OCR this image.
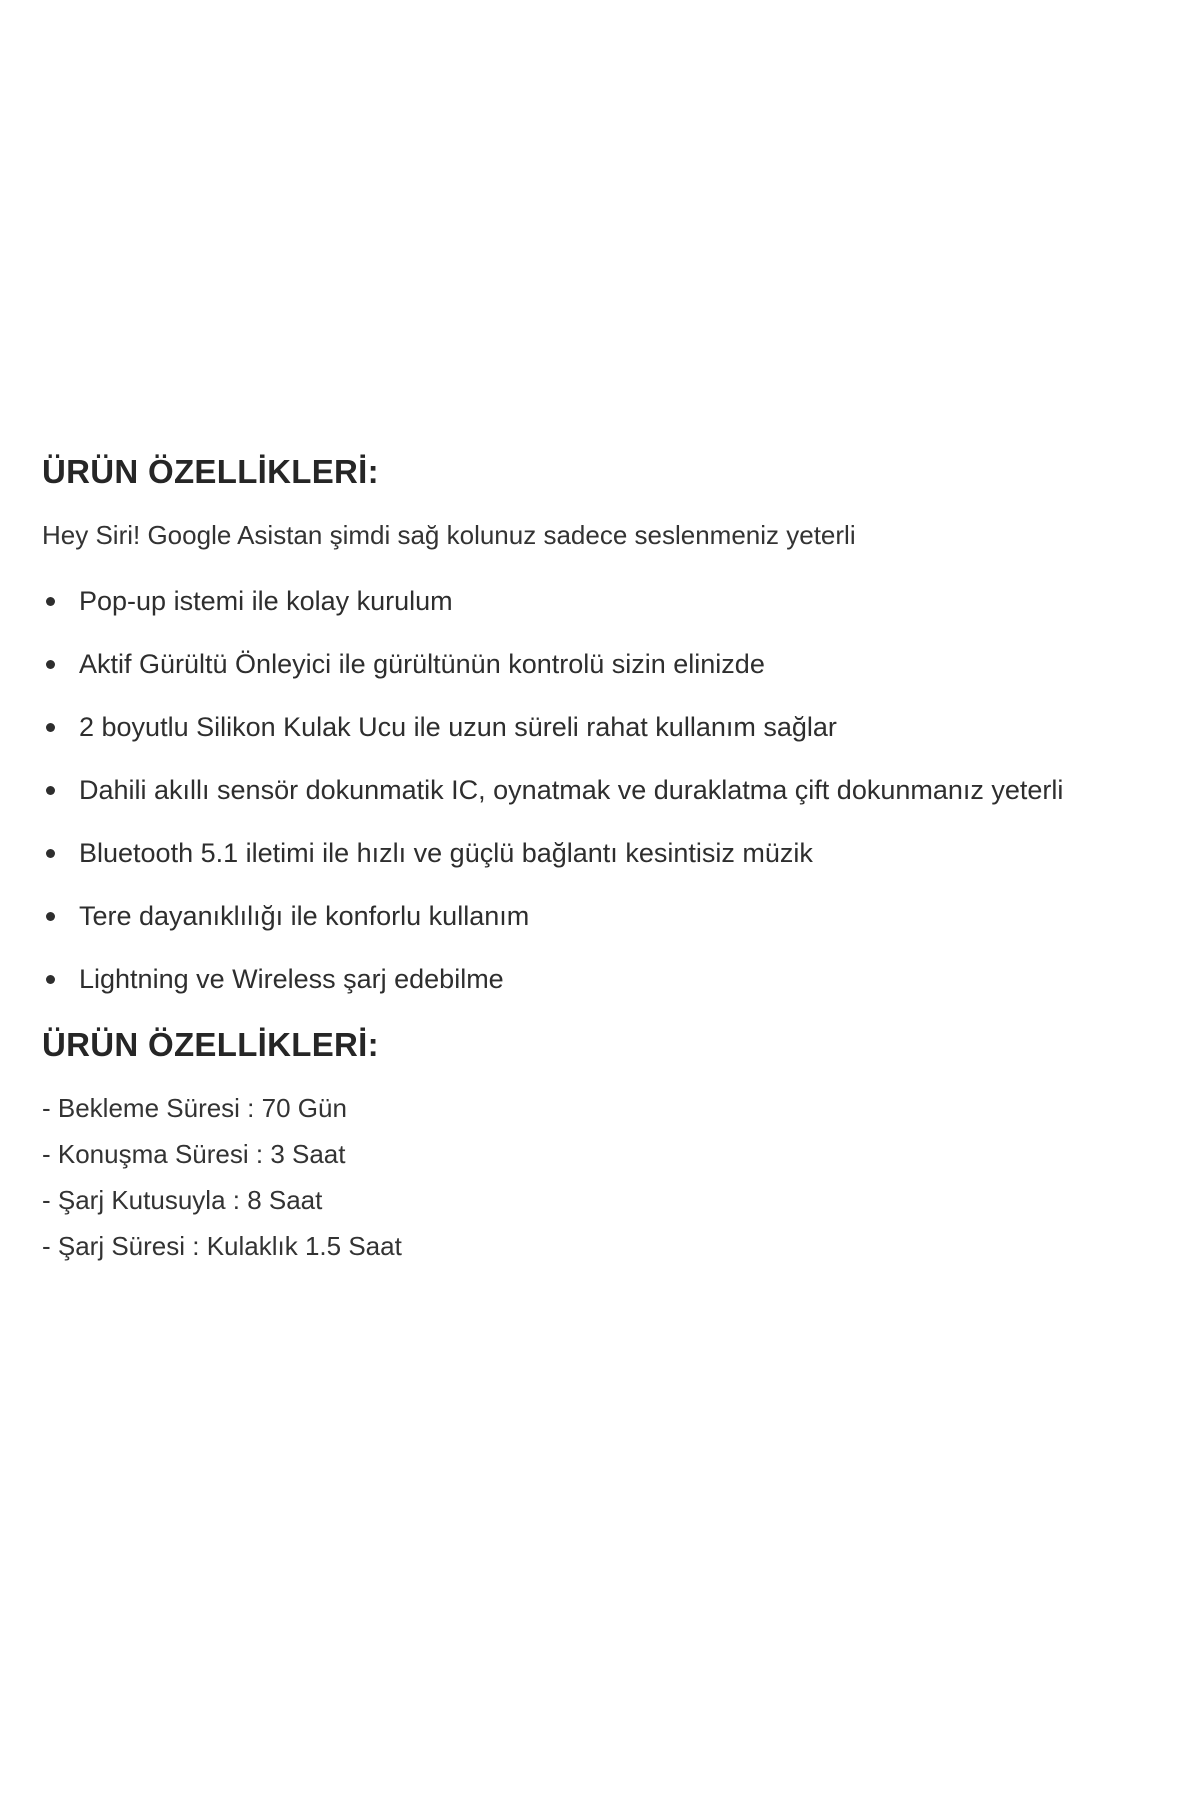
ÜRÜN ÖZELLİKLERİ:

Hey Siri! Google Asistan şimdi sağ kolunuz sadece seslenmeniz yeterli

Pop-up istemi ile kolay kurulum
Aktif Gürültü Önleyici ile gürültünün kontrolü sizin elinizde
2 boyutlu Silikon Kulak Ucu ile uzun süreli rahat kullanım sağlar
Dahili akıllı sensör dokunmatik IC, oynatmak ve duraklatma çift dokunmanız yeterli
Bluetooth 5.1 iletimi ile hızlı ve güçlü bağlantı kesintisiz müzik
Tere dayanıklılığı ile konforlu kullanım
Lightning ve Wireless şarj edebilme
ÜRÜN ÖZELLİKLERİ:
- Bekleme Süresi : 70 Gün
- Konuşma Süresi : 3 Saat
- Şarj Kutusuyla : 8 Saat
- Şarj Süresi : Kulaklık 1.5 Saat
